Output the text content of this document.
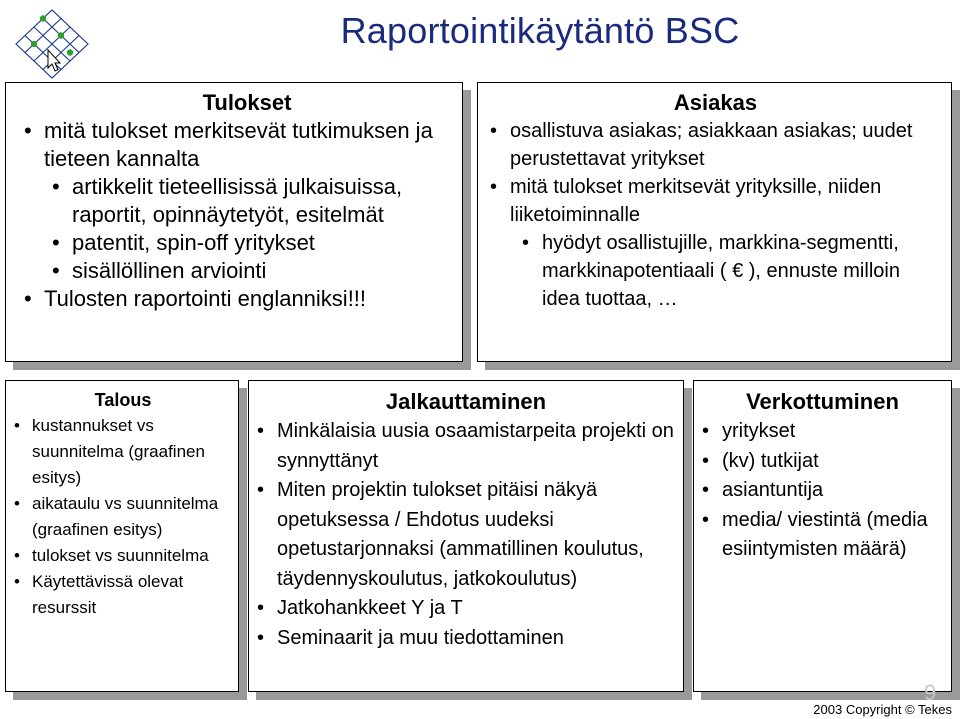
Raportointikäytäntö BSC
Tulokset
• mitä tulokset merkitsevät tutkimuksen ja tieteen kannalta
• artikkelit tieteellisissä julkaisuissa, raportit, opinnäytetyöt, esitelmät
• patentit, spin-off yritykset
• sisällöllinen arviointi
• Tulosten raportointi englanniksi!!!
Asiakas
• osallistuva asiakas; asiakkaan asiakas; uudet perustettavat yritykset
• mitä tulokset merkitsevät yrityksille, niiden liiketoiminnalle
• hyödyt osallistujille, markkina-segmentti, markkinapotentiaali ( € ), ennuste milloin idea tuottaa, …
Talous
• kustannukset vs suunnitelma (graafinen esitys)
• aikataulu vs suunnitelma (graafinen esitys)
• tulokset vs suunnitelma
• Käytettävissä olevat resurssit
Jalkauttaminen
• Minkälaisia uusia osaamistarpeita projekti on synnyttänyt
• Miten projektin tulokset pitäisi näkyä opetuksessa / Ehdotus uudeksi opetustarjonnaksi (ammatillinen koulutus, täydennyskoulutus, jatkokoulutus)
• Jatkohankkeet Y ja T
• Seminaarit ja muu tiedottaminen
Verkottuminen
• yritykset
• (kv) tutkijat
• asiantuntija
• media/ viestintä (media esiintymisten määrä)
9
2003 Copyright © Tekes
